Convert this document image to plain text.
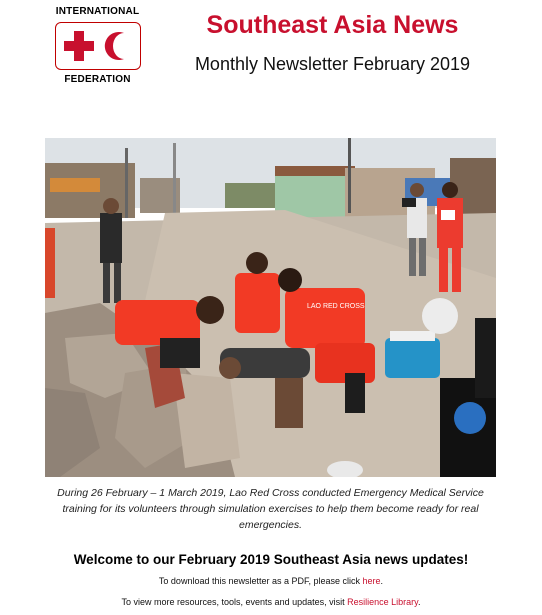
INTERNATIONAL
FEDERATION
Southeast Asia News
Monthly Newsletter February 2019
LAO RED CROSS
During 26 February – 1 March 2019, Lao Red Cross conducted Emergency Medical Service training for its volunteers through simulation exercises to help them become ready for real emergencies.
Welcome to our February 2019 Southeast Asia news updates!
To download this newsletter as a PDF, please click here.
To view more resources, tools, events and updates, visit Resilience Library.
